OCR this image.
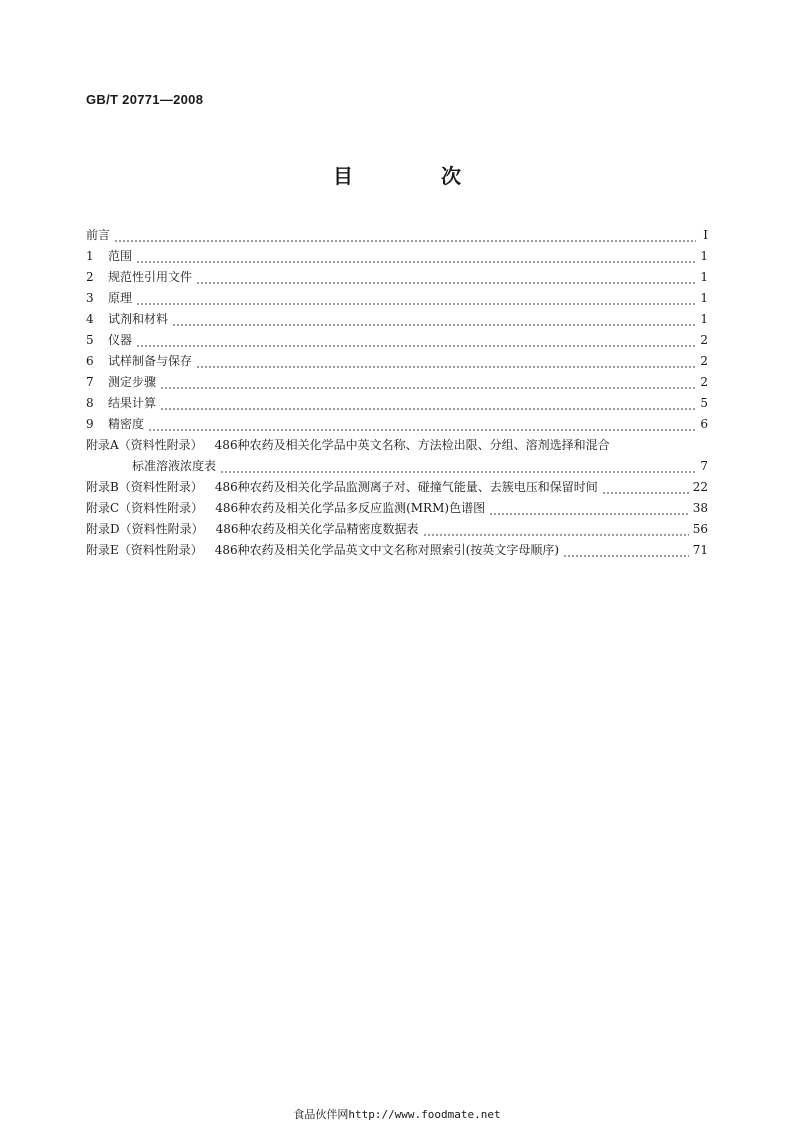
GB/T 20771—2008
目　次
前言	Ⅰ
1	范围	1
2	规范性引用文件	1
3	原理	1
4	试剂和材料	1
5	仪器	2
6	试样制备与保存	2
7	测定步骤	2
8	结果计算	5
9	精密度	6
附录A（资料性附录） 486种农药及相关化学品中英文名称、方法检出限、分组、溶剂选择和混合
标准溶液浓度表	7
附录B（资料性附录） 486种农药及相关化学品监测离子对、碰撞气能量、去簇电压和保留时间	22
附录C（资料性附录） 486种农药及相关化学品多反应监测(MRM)色谱图	38
附录D（资料性附录） 486种农药及相关化学品精密度数据表	56
附录E（资料性附录） 486种农药及相关化学品英文中文名称对照索引(按英文字母顺序)	71
食品伙伴网http://www.foodmate.net
